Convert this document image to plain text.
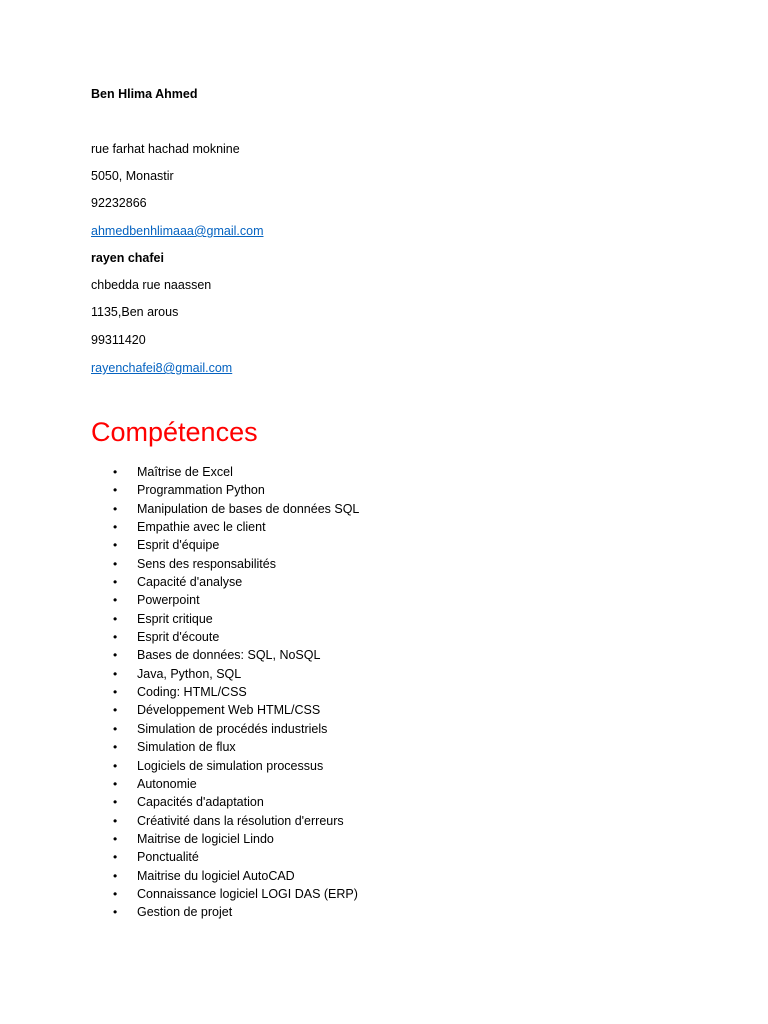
Ben Hlima Ahmed
rue farhat hachad moknine
5050, Monastir
92232866
ahmedbenhlimaaa@gmail.com
rayen chafei
chbedda rue naassen
1135,Ben arous
99311420
rayenchafei8@gmail.com
Compétences
• Maîtrise de Excel
• Programmation Python
• Manipulation de bases de données SQL
• Empathie avec le client
• Esprit d'équipe
• Sens des responsabilités
• Capacité d'analyse
• Powerpoint
• Esprit critique
• Esprit d'écoute
• Bases de données: SQL, NoSQL
• Java, Python, SQL
• Coding: HTML/CSS
• Développement Web HTML/CSS
• Simulation de procédés industriels
• Simulation de flux
• Logiciels de simulation processus
• Autonomie
• Capacités d'adaptation
• Créativité dans la résolution d'erreurs
• Maitrise de logiciel Lindo
• Ponctualité
• Maitrise du logiciel AutoCAD
• Connaissance logiciel LOGI DAS (ERP)
• Gestion de projet
